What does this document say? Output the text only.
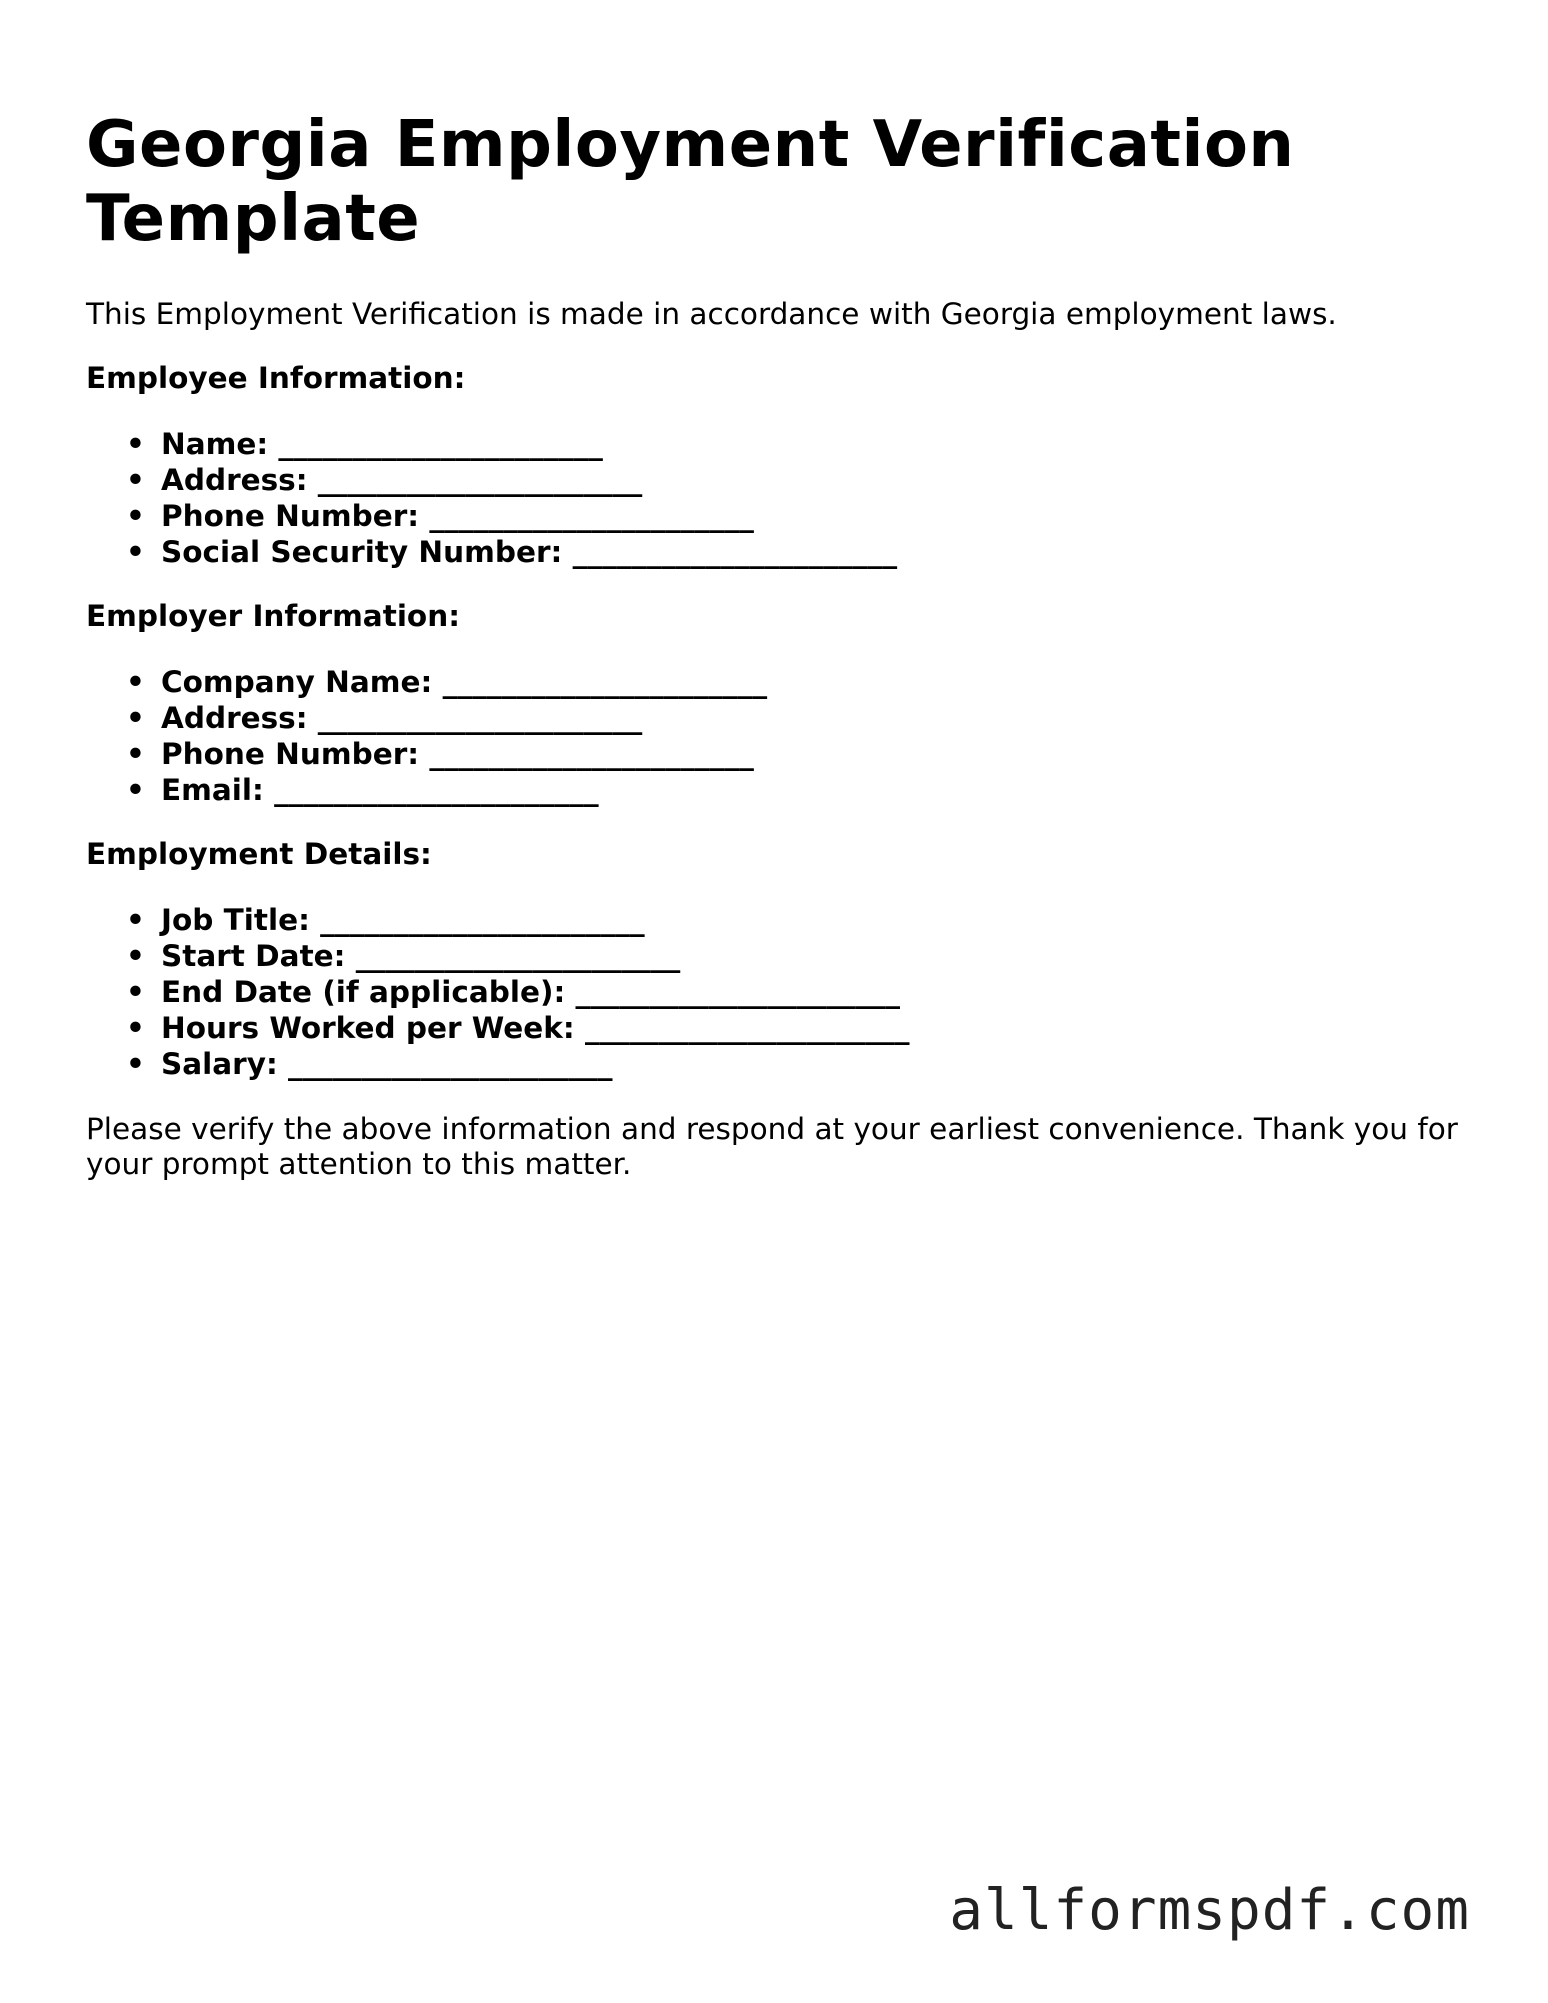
Georgia Employment Verification Template

This Employment Verification is made in accordance with Georgia employment laws.

Employee Information:
• Name: ______________________
• Address: ______________________
• Phone Number: ______________________
• Social Security Number: ______________________
Employer Information:
• Company Name: ______________________
• Address: ______________________
• Phone Number: ______________________
• Email: ______________________
Employment Details:
• Job Title: ______________________
• Start Date: ______________________
• End Date (if applicable): ______________________
• Hours Worked per Week: ______________________
• Salary: ______________________

Please verify the above information and respond at your earliest convenience. Thank you for your prompt attention to this matter.

allformspdf.com
